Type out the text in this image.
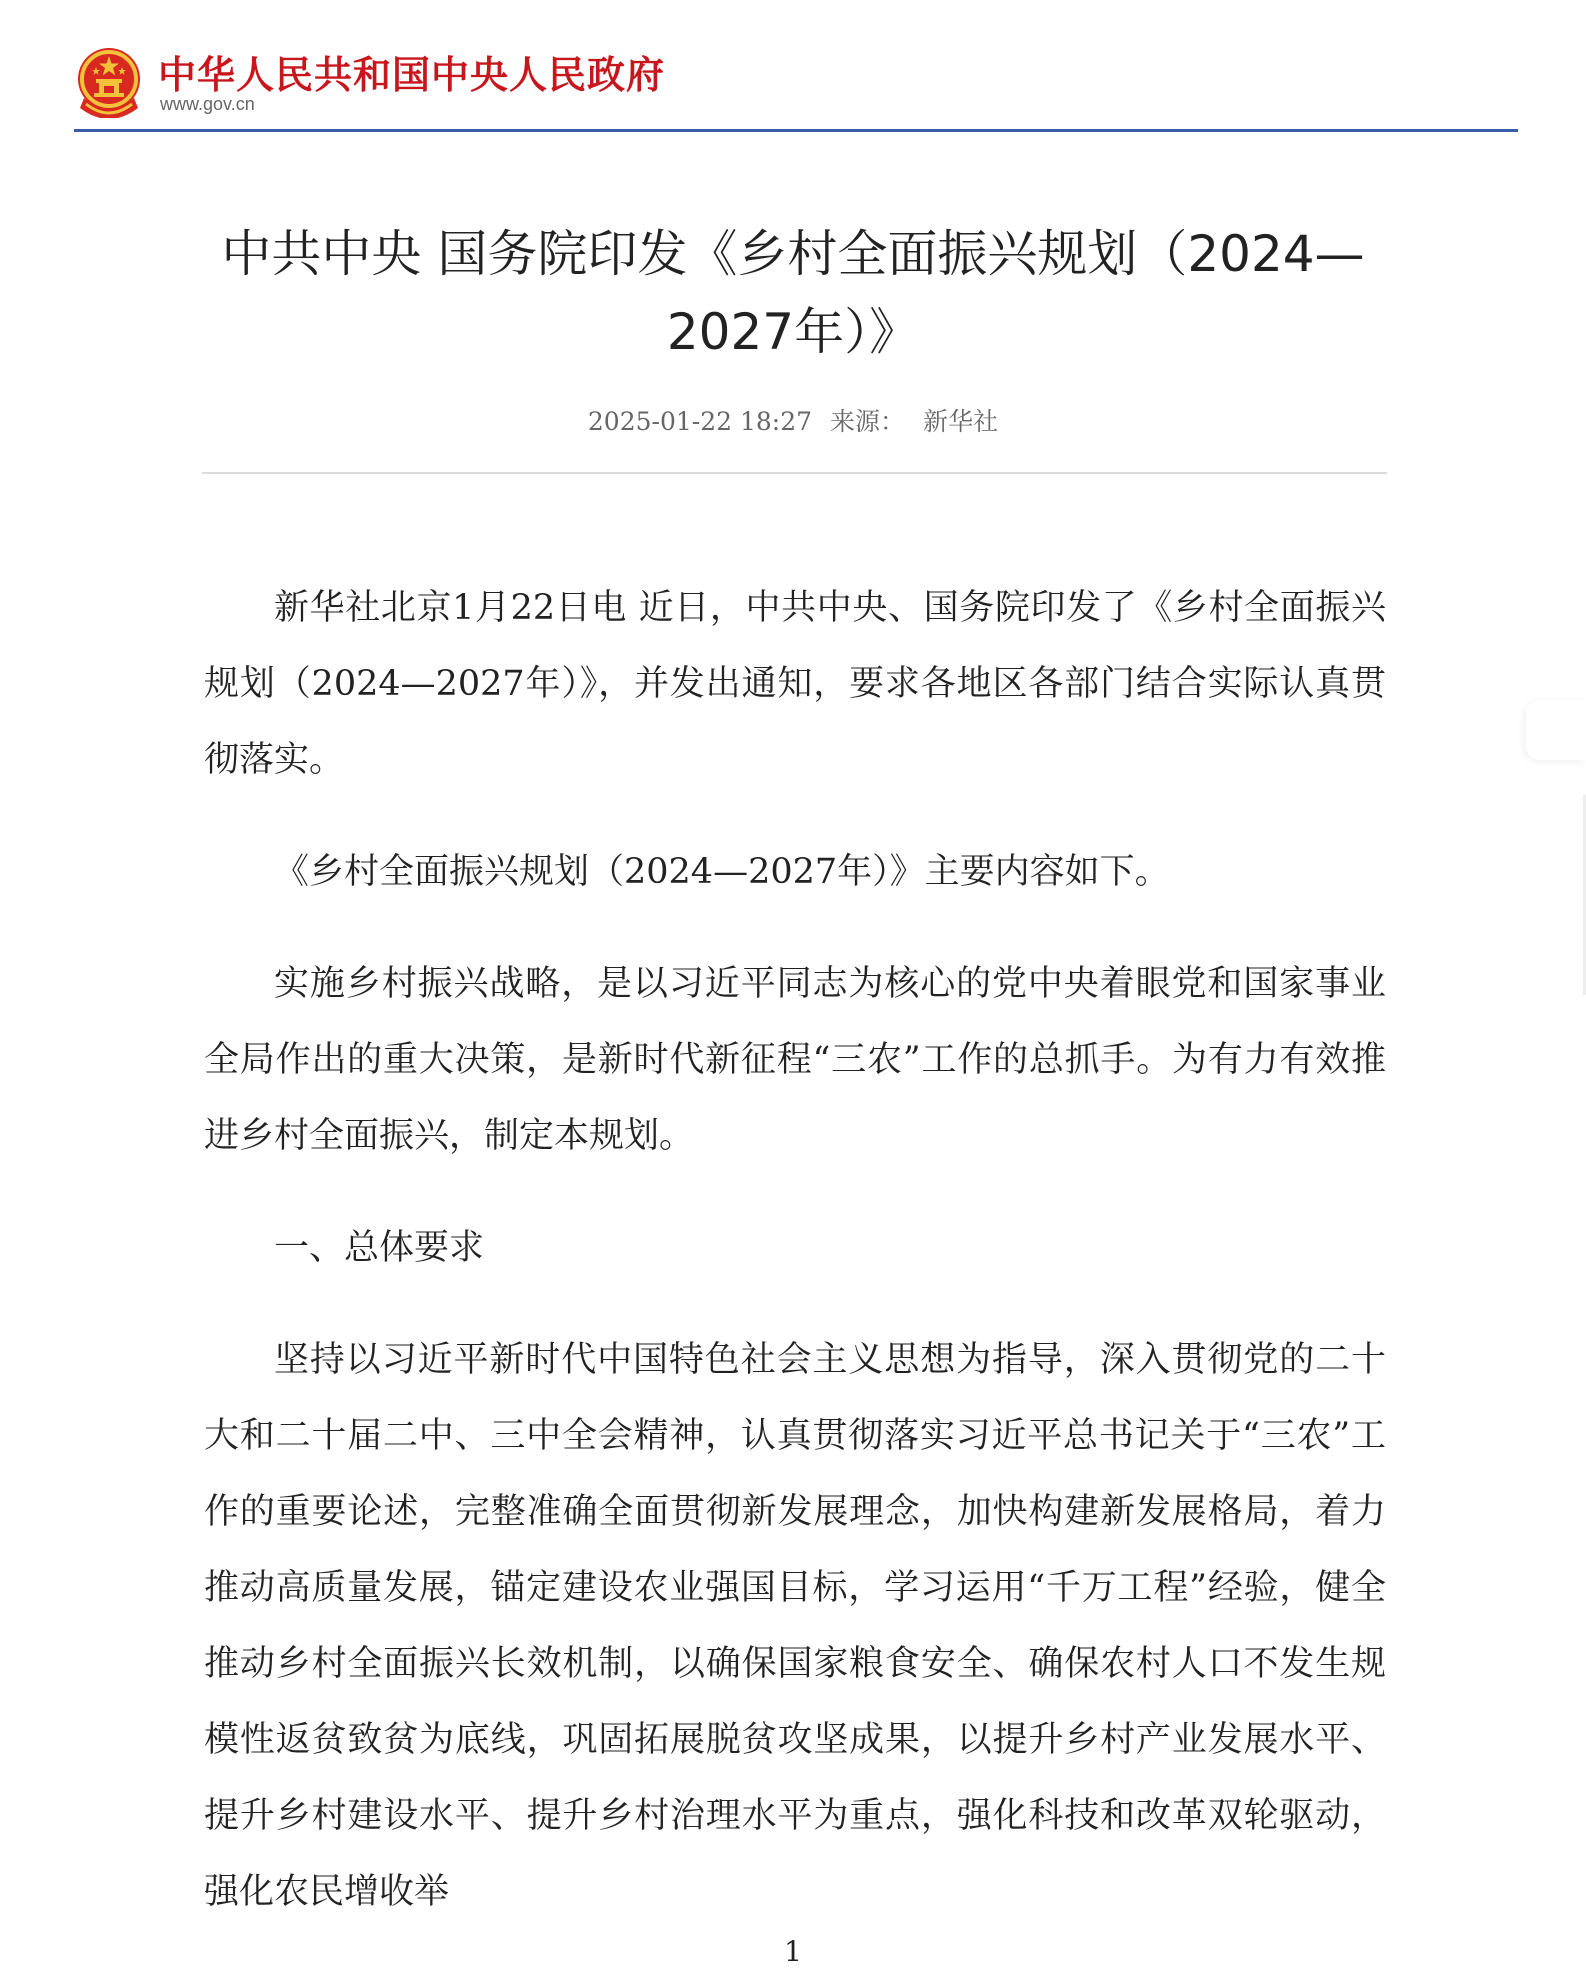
中华人民共和国中央人民政府
www.gov.cn
中共中央 国务院印发《乡村全面振兴规划（2024—2027年）》
2025-01-22 18:27 来源： 新华社

新华社北京1月22日电 近日，中共中央、国务院印发了《乡村全面振兴规划（2024—2027年）》，并发出通知，要求各地区各部门结合实际认真贯彻落实。

《乡村全面振兴规划（2024—2027年）》主要内容如下。

实施乡村振兴战略，是以习近平同志为核心的党中央着眼党和国家事业全局作出的重大决策，是新时代新征程“三农”工作的总抓手。为有力有效推进乡村全面振兴，制定本规划。

一、总体要求

坚持以习近平新时代中国特色社会主义思想为指导，深入贯彻党的二十大和二十届二中、三中全会精神，认真贯彻落实习近平总书记关于“三农”工作的重要论述，完整准确全面贯彻新发展理念，加快构建新发展格局，着力推动高质量发展，锚定建设农业强国目标，学习运用“千万工程”经验，健全推动乡村全面振兴长效机制，以确保国家粮食安全、确保农村人口不发生规模性返贫致贫为底线，巩固拓展脱贫攻坚成果，以提升乡村产业发展水平、提升乡村建设水平、提升乡村治理水平为重点，强化科技和改革双轮驱动，强化农民增收举

1
